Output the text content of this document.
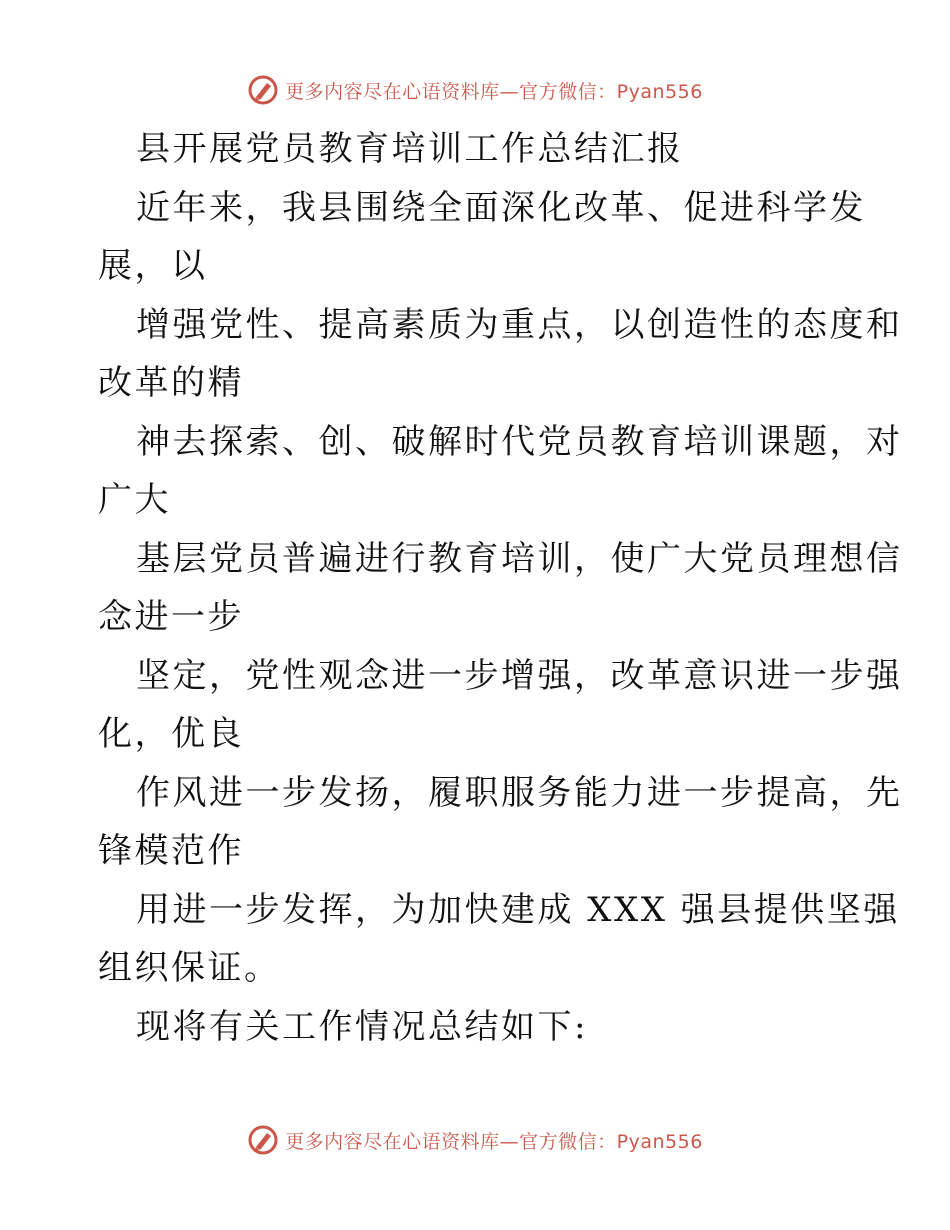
更多内容尽在心语资料库—官方微信：Pyan556
县开展党员教育培训工作总结汇报
近年来，我县围绕全面深化改革、促进科学发
展，以
增强党性、提高素质为重点，以创造性的态度和
改革的精
神去探索、创、破解时代党员教育培训课题，对
广大
基层党员普遍进行教育培训，使广大党员理想信
念进一步
坚定，党性观念进一步增强，改革意识进一步强
化，优良
作风进一步发扬，履职服务能力进一步提高，先
锋模范作
用进一步发挥，为加快建成 XXX 强县提供坚强
组织保证。
现将有关工作情况总结如下:
更多内容尽在心语资料库—官方微信：Pyan556
